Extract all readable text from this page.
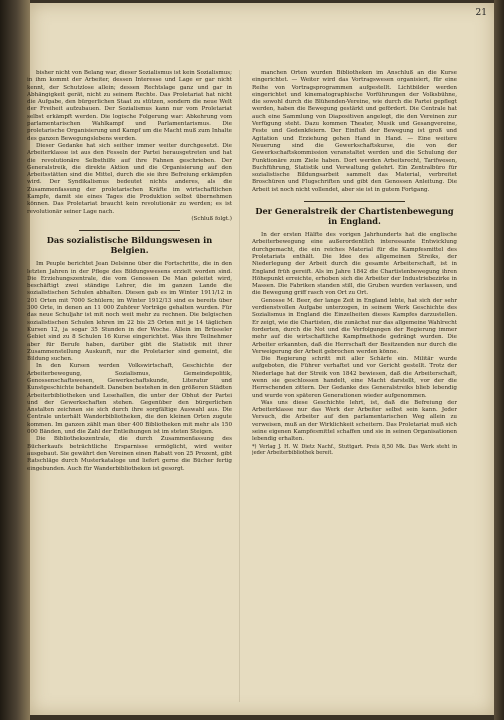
21

bisher nicht von Belang war, dieser Sozialismus ist kein Sozialismus; in ihm kommt der Arbeiter, dessen Interesse und Lage er gar nicht kennt, der Schutzlose allein; dessen Rechtslage ganz und gar in Abhängigkeit gerät, nicht zu seinem Rechte. Das Proletariat hat nicht die Aufgabe, den bürgerlichen Staat zu stützen, sondern die neue Welt der Freiheit aufzubauen. Der Sozialismus kann nur vom Proletariat selbst erkämpft werden. Die logische Folgerung war: Abkehrung vom parlamentarischen Wahlkampf und Parlamentarismus. Die proletarische Organisierung und Kampf um die Macht muß zum Inhalte des ganzen Bewegungslebens werden.

Dieser Gedanke hat sich seither immer weiter durchgesetzt. Die Arbeiterklasse ist aus den Fesseln der Partei herausgetreten und hat die revolutionäre Selbsthilfe auf ihre Fahnen geschrieben. Der Generalstreik, die direkte Aktion und die Organisierung auf den Arbeitsstätten sind die Mittel, durch die sie ihre Befreiung erkämpfen wird. Der Syndikalismus bedeutet nichts anderes, als die Zusammenfassung der proletarischen Kräfte im wirtschaftlichen Kampfe, damit sie eines Tages die Produktion selbst übernehmen können. Das Proletariat braucht kein revolutionär zu werden; es ist revolutionär seiner Lage nach.

(Schluß folgt.)

Das sozialistische Bildungswesen in Belgien.

Im Peuple berichtet Jean Delsinne über die Fortschritte, die in den letzten Jahren in der Pflege des Bildungswesens erzielt worden sind. Die Erziehungszentrale, die vom Genossen De Man geleitet wird, beschäftigt zwei ständige Lehrer, die im ganzen Lande die sozialistischen Schulen abhalten. Diesen gab es im Winter 1911/12 in 201 Orten mit 7000 Schülern; im Winter 1912/13 sind es bereits über 300 Orte, in denen an 11 000 Zuhörer Vorträge gehalten wurden. Für das neue Schuljahr ist mit noch weit mehr zu rechnen. Die belgischen sozialistischen Schulen lehren im 22 bis 25 Orten mit je 14 täglichen Kursen 12, ja sogar 35 Stunden in der Woche. Allein im Brüsseler Gebiet sind zu 8 Schulen 16 Kurse eingerichtet. Was ihre Teilnehmer aber für Berufe haben, darüber gibt die Statistik mit ihrer Zusammenstellung Auskunft, nur die Proletarier sind gemeint, die Bildung suchen.

In den Kursen werden Volkswirtschaft, Geschichte der Arbeiterbewegung, Sozialismus, Gemeindepolitik, Genossenschaftswesen, Gewerkschaftskunde, Literatur und Kunstgeschichte behandelt. Daneben bestehen in den größeren Städten Arbeiterbibliotheken und Lesehallen, die unter der Obhut der Partei und der Gewerkschaften stehen. Gegenüber den bürgerlichen Anstalten zeichnen sie sich durch ihre sorgfältige Auswahl aus. Die Centrale unterhält Wanderbibliotheken, die den kleinen Orten zugute kommen. Im ganzen zählt man über 400 Bibliotheken mit mehr als 150 000 Bänden, und die Zahl der Entleihungen ist im steten Steigen.

Die Bibliothekszentrale, die durch Zusammenfassung des Bücherkaufs beträchtliche Ersparnisse ermöglicht, wird weiter ausgebaut. Sie gewährt den Vereinen einen Rabatt von 25 Prozent, gibt Ratschläge durch Musterkataloge und liefert gerne die Bücher fertig eingebunden. Auch für Wanderbibliotheken ist gesorgt.

manchen Orten wurden Bibliotheken im Anschluß an die Kurse eingerichtet. — Weiter wird das Vortragswesen organisiert, für eine Reihe von Vortragsprogrammen aufgestellt. Lichtbilder werden eingerichtet und kinematographische Vorführungen der Volksbühne, die sowohl durch die Blühenden-Vereine, wie durch die Partei gepflegt werden, haben die Bewegung gestärkt und gefördert. Die Centrale hat auch eine Sammlung von Diapositiven angelegt, die den Vereinen zur Verfügung steht. Dazu kommen Theater, Musik und Gesangvereine, Feste und Gedenkfeiern. Der Einfluß der Bewegung ist groß und Agitation und Erziehung gehen Hand in Hand. — Eine weitere Neuerung sind die Gewerkschaftskurse, die von der Gewerkschaftskommission veranstaltet werden und die Schulung der Funktionäre zum Ziele haben. Dort werden Arbeitsrecht, Tarifwesen, Buchführung, Statistik und Verwaltung gelehrt. Ein Zentralbüro für sozialistische Bildungsarbeit sammelt das Material, verbreitet Broschüren und Flugschriften und gibt den Genossen Anleitung. Die Arbeit ist noch nicht vollendet, aber sie ist in gutem Fortgang.

Der Generalstreik der Chartistenbewegung in England.

In der ersten Hälfte des vorigen Jahrhunderts hat die englische Arbeiterbewegung eine außerordentlich interessante Entwicklung durchgemacht, die ein reiches Material für die Kampfesmittel des Proletariats enthält. Die Idee des allgemeinen Streiks, der Niederlegung der Arbeit durch die gesamte Arbeiterschaft, ist in England früh gereift. Als im Jahre 1842 die Chartistenbewegung ihren Höhepunkt erreichte, erhoben sich die Arbeiter der Industriebezirke in Massen. Die Fabriken standen still, die Gruben wurden verlassen, und die Bewegung griff rasch von Ort zu Ort.

Genosse M. Beer, der lange Zeit in England lebte, hat sich der sehr verdienstvollen Aufgabe unterzogen, in seinem Werk Geschichte des Sozialismus in England die Einzelheiten dieses Kampfes darzustellen. Er zeigt, wie die Chartisten, die zunächst nur das allgemeine Wahlrecht forderten, durch die Not und die Verfolgungen der Regierung immer mehr auf die wirtschaftliche Kampfmethode gedrängt wurden. Die Arbeiter erkannten, daß die Herrschaft der Besitzenden nur durch die Verweigerung der Arbeit gebrochen werden könne.

Die Regierung schritt mit aller Schärfe ein. Militär wurde aufgeboten, die Führer verhaftet und vor Gericht gestellt. Trotz der Niederlage hat der Streik von 1842 bewiesen, daß die Arbeiterschaft, wenn sie geschlossen handelt, eine Macht darstellt, vor der die Herrschenden zittern. Der Gedanke des Generalstreiks blieb lebendig und wurde von späteren Generationen wieder aufgenommen.

Was uns diese Geschichte lehrt, ist, daß die Befreiung der Arbeiterklasse nur das Werk der Arbeiter selbst sein kann. Jeder Versuch, die Arbeiter auf den parlamentarischen Weg allein zu verweisen, muß an der Wirklichkeit scheitern. Das Proletariat muß sich seine eigenen Kampfesmittel schaffen und sie in seinen Organisationen lebendig erhalten.

*) Verlag J. H. W. Dietz Nachf., Stuttgart. Preis 8,50 Mk. Das Werk steht in jeder Arbeiterbibliothek bereit.
